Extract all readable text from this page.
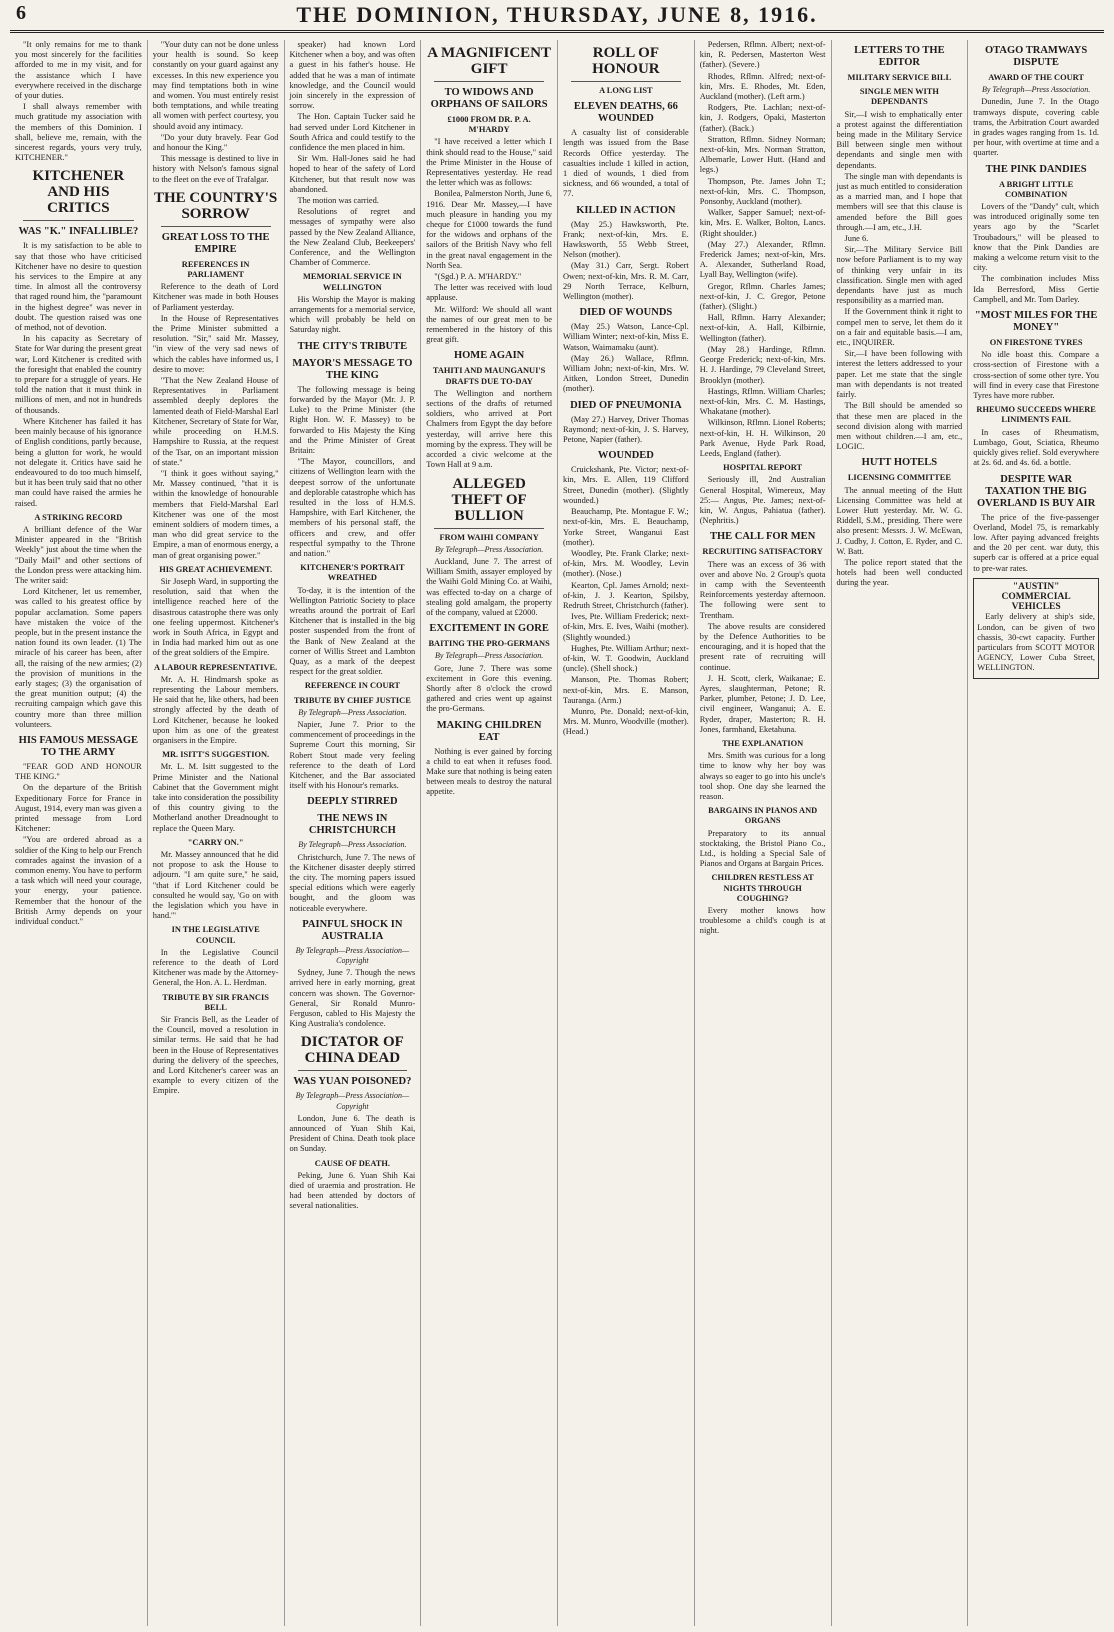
6	THE DOMINION, THURSDAY, JUNE 8, 1916.

"It only remains for me to thank you most sincerely for the facilities afforded to me in my visit, and for the assistance which I have everywhere received in the discharge of your duties.

I shall always remember with much gratitude my association with the members of this Dominion. I shall, believe me, remain, with the sincerest regards, yours very truly, KITCHENER."

KITCHENER AND HIS CRITICS
WAS "K." INFALLIBLE?

It is my satisfaction to be able to say that those who have criticised Kitchener have no desire to question his services to the Empire at any time. In almost all the controversy that raged round him, the "paramount in the highest degree" was never in doubt. The question raised was one of method, not of devotion.

In his capacity as Secretary of State for War during the present great war, Lord Kitchener is credited with the foresight that enabled the country to prepare for a struggle of years. He told the nation that it must think in millions of men, and not in hundreds of thousands.

Where Kitchener has failed it has been mainly because of his ignorance of English conditions, partly because, being a glutton for work, he would not delegate it. Critics have said he endeavoured to do too much himself, but it has been truly said that no other man could have raised the armies he raised.

A STRIKING RECORD

A brilliant defence of the War Minister appeared in the "British Weekly" just about the time when the "Daily Mail" and other sections of the London press were attacking him. The writer said:

Lord Kitchener, let us remember, was called to his greatest office by popular acclamation. Some papers have mistaken the voice of the people, but in the present instance the nation found its own leader. (1) The miracle of his career has been, after all, the raising of the new armies; (2) the provision of munitions in the early stages; (3) the organisation of the great munition output; (4) the recruiting campaign which gave this country more than three million volunteers.

HIS FAMOUS MESSAGE TO THE ARMY

"FEAR GOD AND HONOUR THE KING."

On the departure of the British Expeditionary Force for France in August, 1914, every man was given a printed message from Lord Kitchener:

"You are ordered abroad as a soldier of the King to help our French comrades against the invasion of a common enemy. You have to perform a task which will need your courage, your energy, your patience. Remember that the honour of the British Army depends on your individual conduct."

"Your duty can not be done unless your health is sound. So keep constantly on your guard against any excesses. In this new experience you may find temptations both in wine and women. You must entirely resist both temptations, and while treating all women with perfect courtesy, you should avoid any intimacy.

"Do your duty bravely. Fear God and honour the King."

This message is destined to live in history with Nelson's famous signal to the fleet on the eve of Trafalgar.

THE COUNTRY'S SORROW
GREAT LOSS TO THE EMPIRE
REFERENCES IN PARLIAMENT

Reference to the death of Lord Kitchener was made in both Houses of Parliament yesterday.

In the House of Representatives the Prime Minister submitted a resolution. "Sir," said Mr. Massey, "in view of the very sad news of which the cables have informed us, I desire to move:

"That the New Zealand House of Representatives in Parliament assembled deeply deplores the lamented death of Field-Marshal Earl Kitchener, Secretary of State for War, while proceeding on H.M.S. Hampshire to Russia, at the request of the Tsar, on an important mission of state."

"I think it goes without saying," Mr. Massey continued, "that it is within the knowledge of honourable members that Field-Marshal Earl Kitchener was one of the most eminent soldiers of modern times, a man who did great service to the Empire, a man of enormous energy, a man of great organising power."

HIS GREAT ACHIEVEMENT.

Sir Joseph Ward, in supporting the resolution, said that when the intelligence reached here of the disastrous catastrophe there was only one feeling uppermost. Kitchener's work in South Africa, in Egypt and in India had marked him out as one of the great soldiers of the Empire.

A LABOUR REPRESENTATIVE.

Mr. A. H. Hindmarsh spoke as representing the Labour members. He said that he, like others, had been strongly affected by the death of Lord Kitchener, because he looked upon him as one of the greatest organisers in the Empire.

MR. ISITT'S SUGGESTION.

Mr. L. M. Isitt suggested to the Prime Minister and the National Cabinet that the Government might take into consideration the possibility of this country giving to the Motherland another Dreadnought to replace the Queen Mary.

"CARRY ON."

Mr. Massey announced that he did not propose to ask the House to adjourn. "I am quite sure," he said, "that if Lord Kitchener could be consulted he would say, 'Go on with the legislation which you have in hand.'"

IN THE LEGISLATIVE COUNCIL

In the Legislative Council reference to the death of Lord Kitchener was made by the Attorney-General, the Hon. A. L. Herdman.

TRIBUTE BY SIR FRANCIS BELL

Sir Francis Bell, as the Leader of the Council, moved a resolution in similar terms. He said that he had been in the House of Representatives during the delivery of the speeches, and Lord Kitchener's career was an example to every citizen of the Empire.

speaker) had known Lord Kitchener when a boy, and was often a guest in his father's house. He added that he was a man of intimate knowledge, and the Council would join sincerely in the expression of sorrow.

The Hon. Captain Tucker said he had served under Lord Kitchener in South Africa and could testify to the confidence the men placed in him.

Sir Wm. Hall-Jones said he had hoped to hear of the safety of Lord Kitchener, but that result now was abandoned.

The motion was carried.

Resolutions of regret and messages of sympathy were also passed by the New Zealand Alliance, the New Zealand Club, Beekeepers' Conference, and the Wellington Chamber of Commerce.

MEMORIAL SERVICE IN WELLINGTON

His Worship the Mayor is making arrangements for a memorial service, which will probably be held on Saturday night.

THE CITY'S TRIBUTE
MAYOR'S MESSAGE TO THE KING

The following message is being forwarded by the Mayor (Mr. J. P. Luke) to the Prime Minister (the Right Hon. W. F. Massey) to be forwarded to His Majesty the King and the Prime Minister of Great Britain:

"The Mayor, councillors, and citizens of Wellington learn with the deepest sorrow of the unfortunate and deplorable catastrophe which has resulted in the loss of H.M.S. Hampshire, with Earl Kitchener, the members of his personal staff, the officers and crew, and offer respectful sympathy to the Throne and nation."

KITCHENER'S PORTRAIT WREATHED

To-day, it is the intention of the Wellington Patriotic Society to place wreaths around the portrait of Earl Kitchener that is installed in the big poster suspended from the front of the Bank of New Zealand at the corner of Willis Street and Lambton Quay, as a mark of the deepest respect for the great soldier.

REFERENCE IN COURT
TRIBUTE BY CHIEF JUSTICE
By Telegraph—Press Association.

Napier, June 7. Prior to the commencement of proceedings in the Supreme Court this morning, Sir Robert Stout made very feeling reference to the death of Lord Kitchener, and the Bar associated itself with his Honour's remarks.

DEEPLY STIRRED
THE NEWS IN CHRISTCHURCH
By Telegraph—Press Association.

Christchurch, June 7. The news of the Kitchener disaster deeply stirred the city. The morning papers issued special editions which were eagerly bought, and the gloom was noticeable everywhere.

PAINFUL SHOCK IN AUSTRALIA
By Telegraph—Press Association—Copyright

Sydney, June 7. Though the news arrived here in early morning, great concern was shown. The Governor-General, Sir Ronald Munro-Ferguson, cabled to His Majesty the King Australia's condolence.

DICTATOR OF CHINA DEAD
WAS YUAN POISONED?
By Telegraph—Press Association—Copyright

London, June 6. The death is announced of Yuan Shih Kai, President of China. Death took place on Sunday.

CAUSE OF DEATH.

Peking, June 6. Yuan Shih Kai died of uraemia and prostration. He had been attended by doctors of several nationalities.

A MAGNIFICENT GIFT
TO WIDOWS AND ORPHANS OF SAILORS
£1000 FROM DR. P. A. M'HARDY

"I have received a letter which I think should read to the House," said the Prime Minister in the House of Representatives yesterday. He read the letter which was as follows:

Bonilea, Palmerston North, June 6, 1916. Dear Mr. Massey,—I have much pleasure in handing you my cheque for £1000 towards the fund for the widows and orphans of the sailors of the British Navy who fell in the great naval engagement in the North Sea.

"(Sgd.) P. A. M'HARDY."

The letter was received with loud applause.

Mr. Wilford: We should all want the names of our great men to be remembered in the history of this great gift.

HOME AGAIN
TAHITI AND MAUNGANUI'S DRAFTS DUE TO-DAY

The Wellington and northern sections of the drafts of returned soldiers, who arrived at Port Chalmers from Egypt the day before yesterday, will arrive here this morning by the express. They will be accorded a civic welcome at the Town Hall at 9 a.m.

ALLEGED THEFT OF BULLION
FROM WAIHI COMPANY
By Telegraph—Press Association.

Auckland, June 7. The arrest of William Smith, assayer employed by the Waihi Gold Mining Co. at Waihi, was effected to-day on a charge of stealing gold amalgam, the property of the company, valued at £2000.

EXCITEMENT IN GORE
BAITING THE PRO-GERMANS
By Telegraph—Press Association.

Gore, June 7. There was some excitement in Gore this evening. Shortly after 8 o'clock the crowd gathered and cries went up against the pro-Germans.

MAKING CHILDREN EAT

Nothing is ever gained by forcing a child to eat when it refuses food. Make sure that nothing is being eaten between meals to destroy the natural appetite.

ROLL OF HONOUR
A LONG LIST
ELEVEN DEATHS, 66 WOUNDED

A casualty list of considerable length was issued from the Base Records Office yesterday. The casualties include 1 killed in action, 1 died of wounds, 1 died from sickness, and 66 wounded, a total of 77.

KILLED IN ACTION

(May 25.) Hawksworth, Pte. Frank; next-of-kin, Mrs. E. Hawksworth, 55 Webb Street, Nelson (mother).

(May 31.) Carr, Sergt. Robert Owen; next-of-kin, Mrs. R. M. Carr, 29 North Terrace, Kelburn, Wellington (mother).

DIED OF WOUNDS

(May 25.) Watson, Lance-Cpl. William Winter; next-of-kin, Miss E. Watson, Waimamaku (aunt).

(May 26.) Wallace, Rflmn. William John; next-of-kin, Mrs. W. Aitken, London Street, Dunedin (mother).

DIED OF PNEUMONIA

(May 27.) Harvey, Driver Thomas Raymond; next-of-kin, J. S. Harvey, Petone, Napier (father).

WOUNDED

Cruickshank, Pte. Victor; next-of-kin, Mrs. E. Allen, 119 Clifford Street, Dunedin (mother). (Slightly wounded.)

Beauchamp, Pte. Montague F. W.; next-of-kin, Mrs. E. Beauchamp, Yorke Street, Wanganui East (mother).

Woodley, Pte. Frank Clarke; next-of-kin, Mrs. M. Woodley, Levin (mother). (Nose.)

Kearton, Cpl. James Arnold; next-of-kin, J. J. Kearton, Spilsby, Redruth Street, Christchurch (father).

Ives, Pte. William Frederick; next-of-kin, Mrs. E. Ives, Waihi (mother). (Slightly wounded.)

Hughes, Pte. William Arthur; next-of-kin, W. T. Goodwin, Auckland (uncle). (Shell shock.)

Manson, Pte. Thomas Robert; next-of-kin, Mrs. E. Manson, Tauranga. (Arm.)

Munro, Pte. Donald; next-of-kin, Mrs. M. Munro, Woodville (mother). (Head.)

Pedersen, Rflmn. Albert; next-of-kin, R. Pedersen, Masterton West (father). (Severe.)

Rhodes, Rflmn. Alfred; next-of-kin, Mrs. E. Rhodes, Mt. Eden, Auckland (mother). (Left arm.)

Rodgers, Pte. Lachlan; next-of-kin, J. Rodgers, Opaki, Masterton (father). (Back.)

Stratton, Rflmn. Sidney Norman; next-of-kin, Mrs. Norman Stratton, Albemarle, Lower Hutt. (Hand and legs.)

Thompson, Pte. James John T.; next-of-kin, Mrs. C. Thompson, Ponsonby, Auckland (mother).

Walker, Sapper Samuel; next-of-kin, Mrs. E. Walker, Bolton, Lancs. (Right shoulder.)

(May 27.) Alexander, Rflmn. Frederick James; next-of-kin, Mrs. A. Alexander, Sutherland Road, Lyall Bay, Wellington (wife).

Gregor, Rflmn. Charles James; next-of-kin, J. C. Gregor, Petone (father). (Slight.)

Hall, Rflmn. Harry Alexander; next-of-kin, A. Hall, Kilbirnie, Wellington (father).

(May 28.) Hardinge, Rflmn. George Frederick; next-of-kin, Mrs. H. J. Hardinge, 79 Cleveland Street, Brooklyn (mother).

Hastings, Rflmn. William Charles; next-of-kin, Mrs. C. M. Hastings, Whakatane (mother).

Wilkinson, Rflmn. Lionel Roberts; next-of-kin, H. H. Wilkinson, 20 Park Avenue, Hyde Park Road, Leeds, England (father).

HOSPITAL REPORT

Seriously ill, 2nd Australian General Hospital, Wimereux, May 25:— Angus, Pte. James; next-of-kin, W. Angus, Pahiatua (father). (Nephritis.)

THE CALL FOR MEN
RECRUITING SATISFACTORY

There was an excess of 36 with over and above No. 2 Group's quota in camp with the Seventeenth Reinforcements yesterday afternoon. The following were sent to Trentham.

The above results are considered by the Defence Authorities to be encouraging, and it is hoped that the present rate of recruiting will continue.

J. H. Scott, clerk, Waikanae; E. Ayres, slaughterman, Petone; R. Parker, plumber, Petone; J. D. Lee, civil engineer, Wanganui; A. E. Ryder, draper, Masterton; R. H. Jones, farmhand, Eketahuna.

THE EXPLANATION

Mrs. Smith was curious for a long time to know why her boy was always so eager to go into his uncle's tool shop. One day she learned the reason.

BARGAINS IN PIANOS AND ORGANS

Preparatory to its annual stocktaking, the Bristol Piano Co., Ltd., is holding a Special Sale of Pianos and Organs at Bargain Prices.

CHILDREN RESTLESS AT NIGHTS THROUGH COUGHING?

Every mother knows how troublesome a child's cough is at night.

LETTERS TO THE EDITOR
MILITARY SERVICE BILL
SINGLE MEN WITH DEPENDANTS

Sir,—I wish to emphatically enter a protest against the differentiation being made in the Military Service Bill between single men without dependants and single men with dependants.

The single man with dependants is just as much entitled to consideration as a married man, and I hope that members will see that this clause is amended before the Bill goes through.—I am, etc., J.H.

June 6.

Sir,—The Military Service Bill now before Parliament is to my way of thinking very unfair in its classification. Single men with aged dependants have just as much responsibility as a married man.

If the Government think it right to compel men to serve, let them do it on a fair and equitable basis.—I am, etc., INQUIRER.

Sir,—I have been following with interest the letters addressed to your paper. Let me state that the single man with dependants is not treated fairly.

The Bill should be amended so that these men are placed in the second division along with married men without children.—I am, etc., LOGIC.

HUTT HOTELS
LICENSING COMMITTEE

The annual meeting of the Hutt Licensing Committee was held at Lower Hutt yesterday. Mr. W. G. Riddell, S.M., presiding. There were also present: Messrs. J. W. McEwan, J. Cudby, J. Cotton, E. Ryder, and C. W. Batt.

The police report stated that the hotels had been well conducted during the year.

OTAGO TRAMWAYS DISPUTE
AWARD OF THE COURT
By Telegraph—Press Association.

Dunedin, June 7. In the Otago tramways dispute, covering cable trams, the Arbitration Court awarded in grades wages ranging from 1s. 1d. per hour, with overtime at time and a quarter.

THE PINK DANDIES
A BRIGHT LITTLE COMBINATION

Lovers of the "Dandy" cult, which was introduced originally some ten years ago by the "Scarlet Troubadours," will be pleased to know that the Pink Dandies are making a welcome return visit to the city.

The combination includes Miss Ida Berresford, Miss Gertie Campbell, and Mr. Tom Darley.

"MOST MILES FOR THE MONEY"
ON FIRESTONE TYRES

No idle boast this. Compare a cross-section of Firestone with a cross-section of some other tyre. You will find in every case that Firestone Tyres have more rubber.

RHEUMO SUCCEEDS WHERE LINIMENTS FAIL

In cases of Rheumatism, Lumbago, Gout, Sciatica, Rheumo quickly gives relief. Sold everywhere at 2s. 6d. and 4s. 6d. a bottle.

DESPITE WAR TAXATION THE BIG OVERLAND IS BUY AIR

The price of the five-passenger Overland, Model 75, is remarkably low. After paying advanced freights and the 20 per cent. war duty, this superb car is offered at a price equal to pre-war rates.

"AUSTIN" COMMERCIAL VEHICLES

Early delivery at ship's side, London, can be given of two chassis, 30-cwt capacity. Further particulars from SCOTT MOTOR AGENCY, Lower Cuba Street, WELLINGTON.
